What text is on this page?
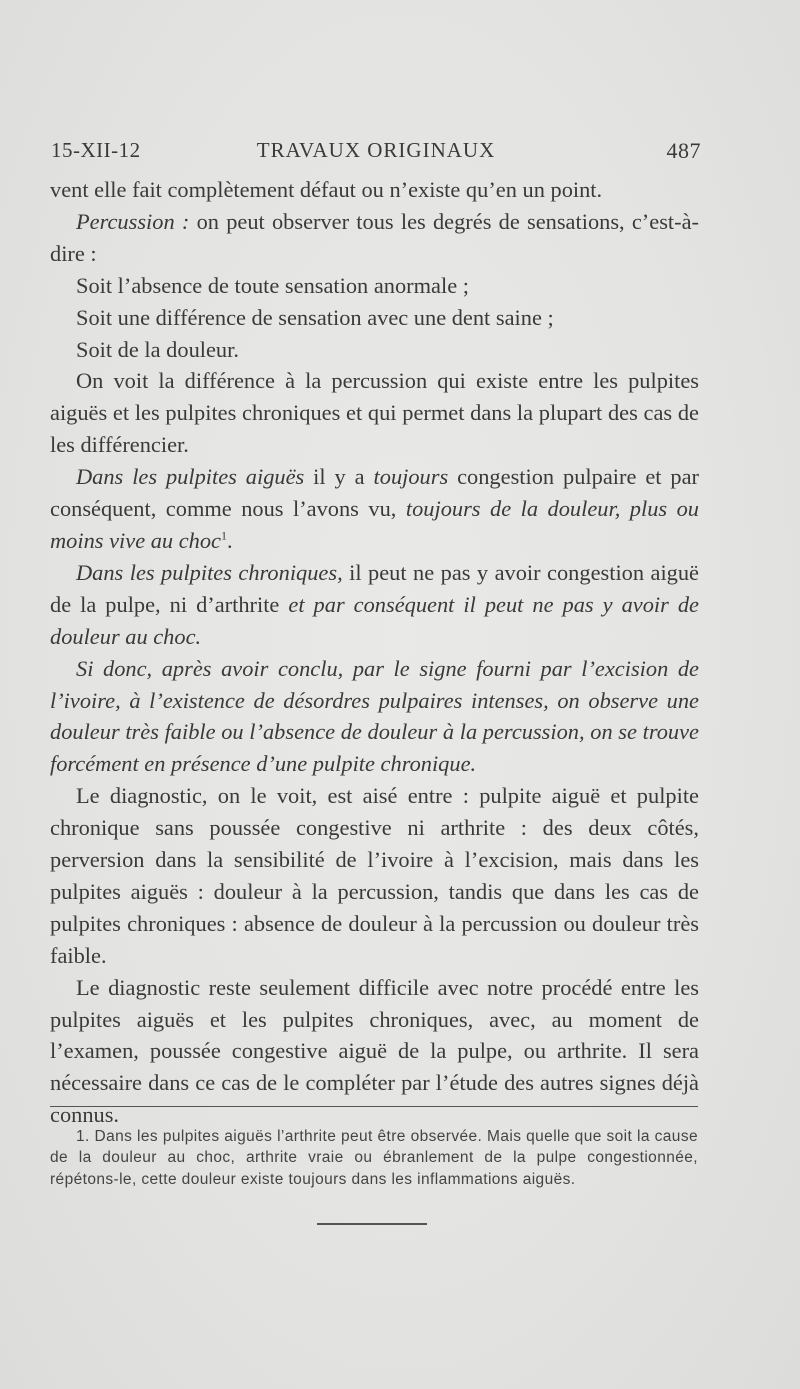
15-XII-12	TRAVAUX ORIGINAUX	487

vent elle fait complètement défaut ou n’existe qu’en un point.

Percussion : on peut observer tous les degrés de sensations, c’est-à-dire :

Soit l’absence de toute sensation anormale ;

Soit une différence de sensation avec une dent saine ;

Soit de la douleur.

On voit la différence à la percussion qui existe entre les pulpites aiguës et les pulpites chroniques et qui permet dans la plupart des cas de les différencier.

Dans les pulpites aiguës il y a toujours congestion pulpaire et par conséquent, comme nous l’avons vu, toujours de la douleur, plus ou moins vive au choc$^1$.

Dans les pulpites chroniques, il peut ne pas y avoir congestion aiguë de la pulpe, ni d’arthrite et par conséquent il peut ne pas y avoir de douleur au choc.

Si donc, après avoir conclu, par le signe fourni par l’excision de l’ivoire, à l’existence de désordres pulpaires intenses, on observe une douleur très faible ou l’absence de douleur à la percussion, on se trouve forcément en présence d’une pulpite chronique.

Le diagnostic, on le voit, est aisé entre : pulpite aiguë et pulpite chronique sans poussée congestive ni arthrite : des deux côtés, perversion dans la sensibilité de l’ivoire à l’excision, mais dans les pulpites aiguës : douleur à la percussion, tandis que dans les cas de pulpites chroniques : absence de douleur à la percussion ou douleur très faible.

Le diagnostic reste seulement difficile avec notre procédé entre les pulpites aiguës et les pulpites chroniques, avec, au moment de l’examen, poussée congestive aiguë de la pulpe, ou arthrite. Il sera nécessaire dans ce cas de le compléter par l’étude des autres signes déjà connus.

1. Dans les pulpites aiguës l’arthrite peut être observée. Mais quelle que soit la cause de la douleur au choc, arthrite vraie ou ébranlement de la pulpe congestionnée, répétons-le, cette douleur existe toujours dans les inflammations aiguës.
